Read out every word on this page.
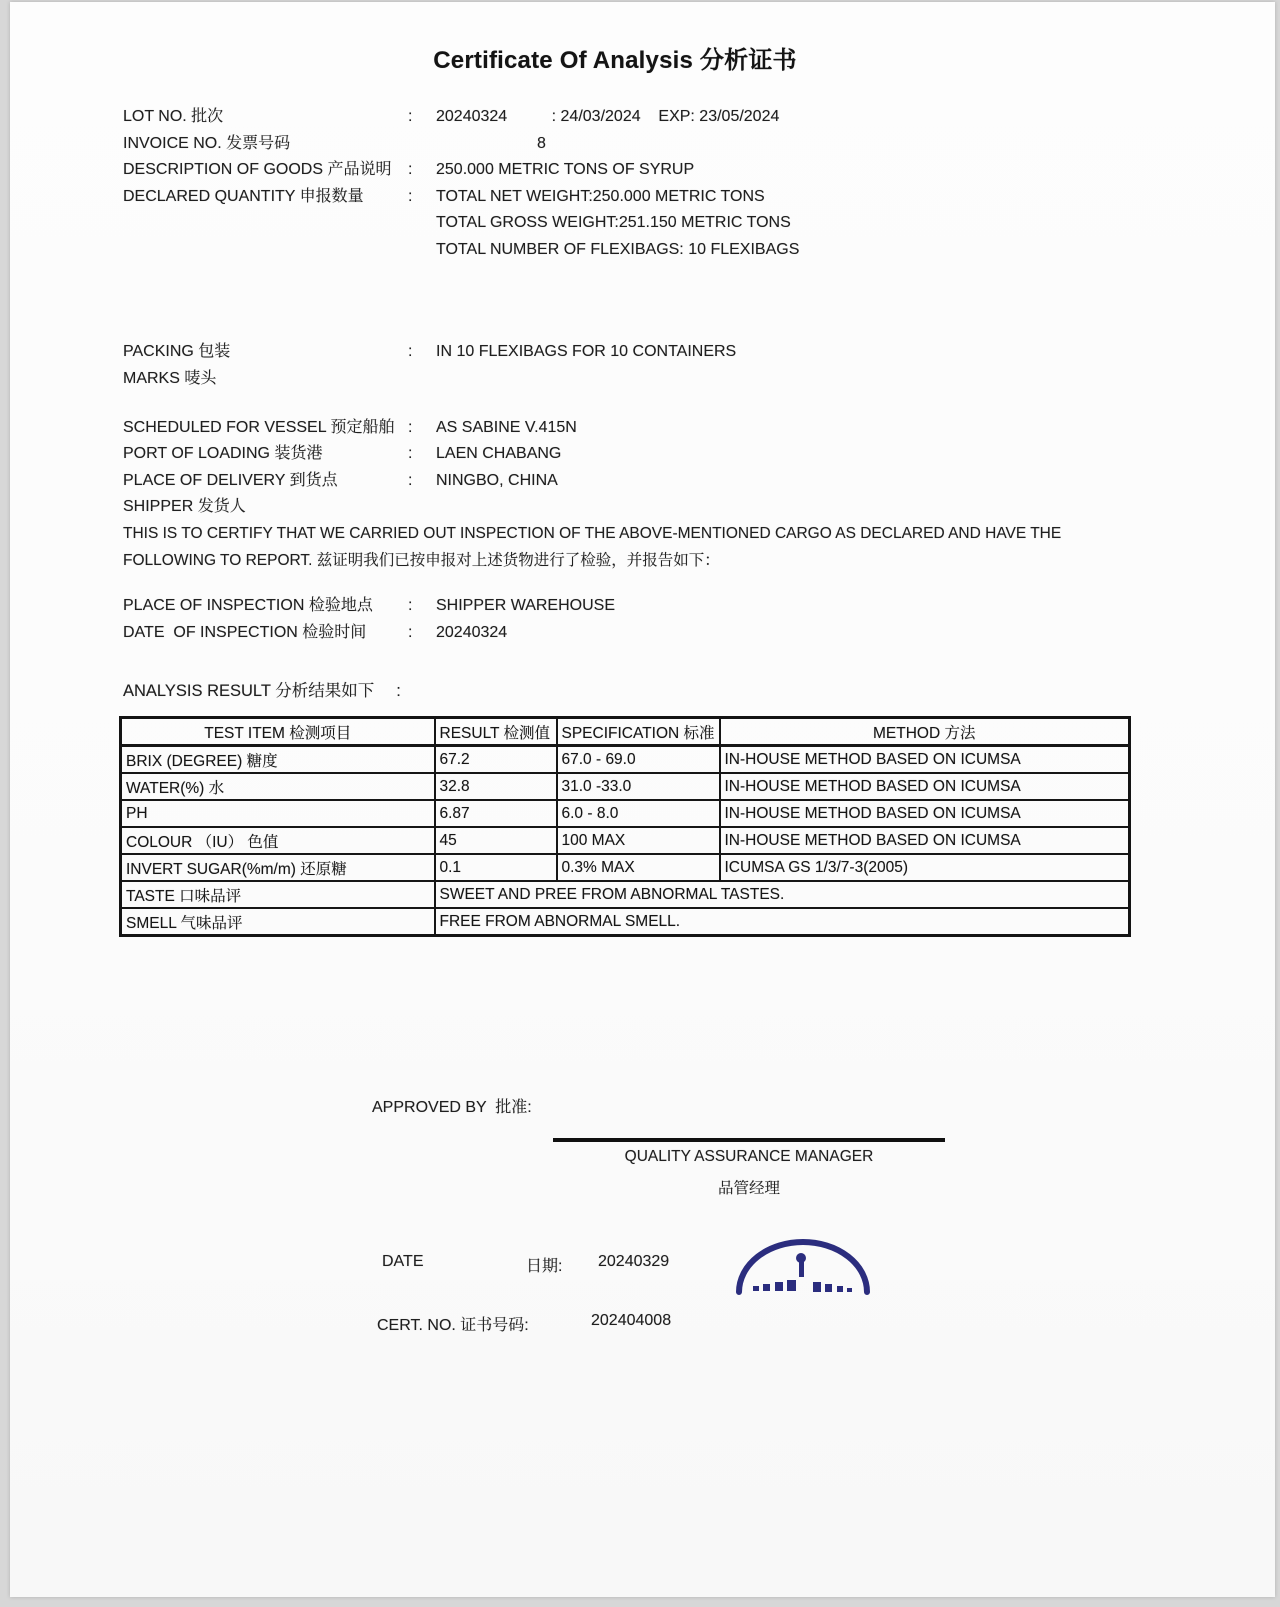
Certificate Of Analysis 分析证书
LOT NO. 批次	:	20240324          : 24/03/2024    EXP: 23/05/2024
INVOICE NO. 发票号码	8
DESCRIPTION OF GOODS 产品说明	:	250.000 METRIC TONS OF SYRUP
DECLARED QUANTITY 申报数量	:	TOTAL NET WEIGHT:250.000 METRIC TONS
TOTAL GROSS WEIGHT:251.150 METRIC TONS
TOTAL NUMBER OF FLEXIBAGS: 10 FLEXIBAGS
PACKING 包装	:	IN 10 FLEXIBAGS FOR 10 CONTAINERS
MARKS 唛头
SCHEDULED FOR VESSEL 预定船舶 :	AS SABINE V.415N
PORT OF LOADING 装货港	:	LAEN CHABANG
PLACE OF DELIVERY 到货点	:	NINGBO, CHINA
SHIPPER 发货人
THIS IS TO CERTIFY THAT WE CARRIED OUT INSPECTION OF THE ABOVE-MENTIONED CARGO AS DECLARED AND HAVE THE
FOLLOWING TO REPORT. 兹证明我们已按申报对上述货物进行了检验，并报告如下：
PLACE OF INSPECTION 检验地点	:	SHIPPER WAREHOUSE
DATE  OF INSPECTION 检验时间	:	20240324
ANALYSIS RESULT 分析结果如下 :
TEST ITEM 检测项目	RESULT 检测值	SPECIFICATION 标准	METHOD 方法
BRIX (DEGREE) 糖度	67.2	67.0 - 69.0	IN-HOUSE METHOD BASED ON ICUMSA
WATER(%) 水	32.8	31.0 -33.0	IN-HOUSE METHOD BASED ON ICUMSA
PH	6.87	6.0 - 8.0	IN-HOUSE METHOD BASED ON ICUMSA
COLOUR （IU） 色值	45	100 MAX	IN-HOUSE METHOD BASED ON ICUMSA
INVERT SUGAR(%m/m) 还原糖	0.1	0.3% MAX	ICUMSA GS 1/3/7-3(2005)
TASTE 口味品评	SWEET AND PREE FROM ABNORMAL TASTES.		
SMELL 气味品评	FREE FROM ABNORMAL SMELL.		
APPROVED BY  批准:
QUALITY ASSURANCE MANAGER
品管经理
DATE	日期: 20240329
CERT. NO. 证书号码:	202404008
